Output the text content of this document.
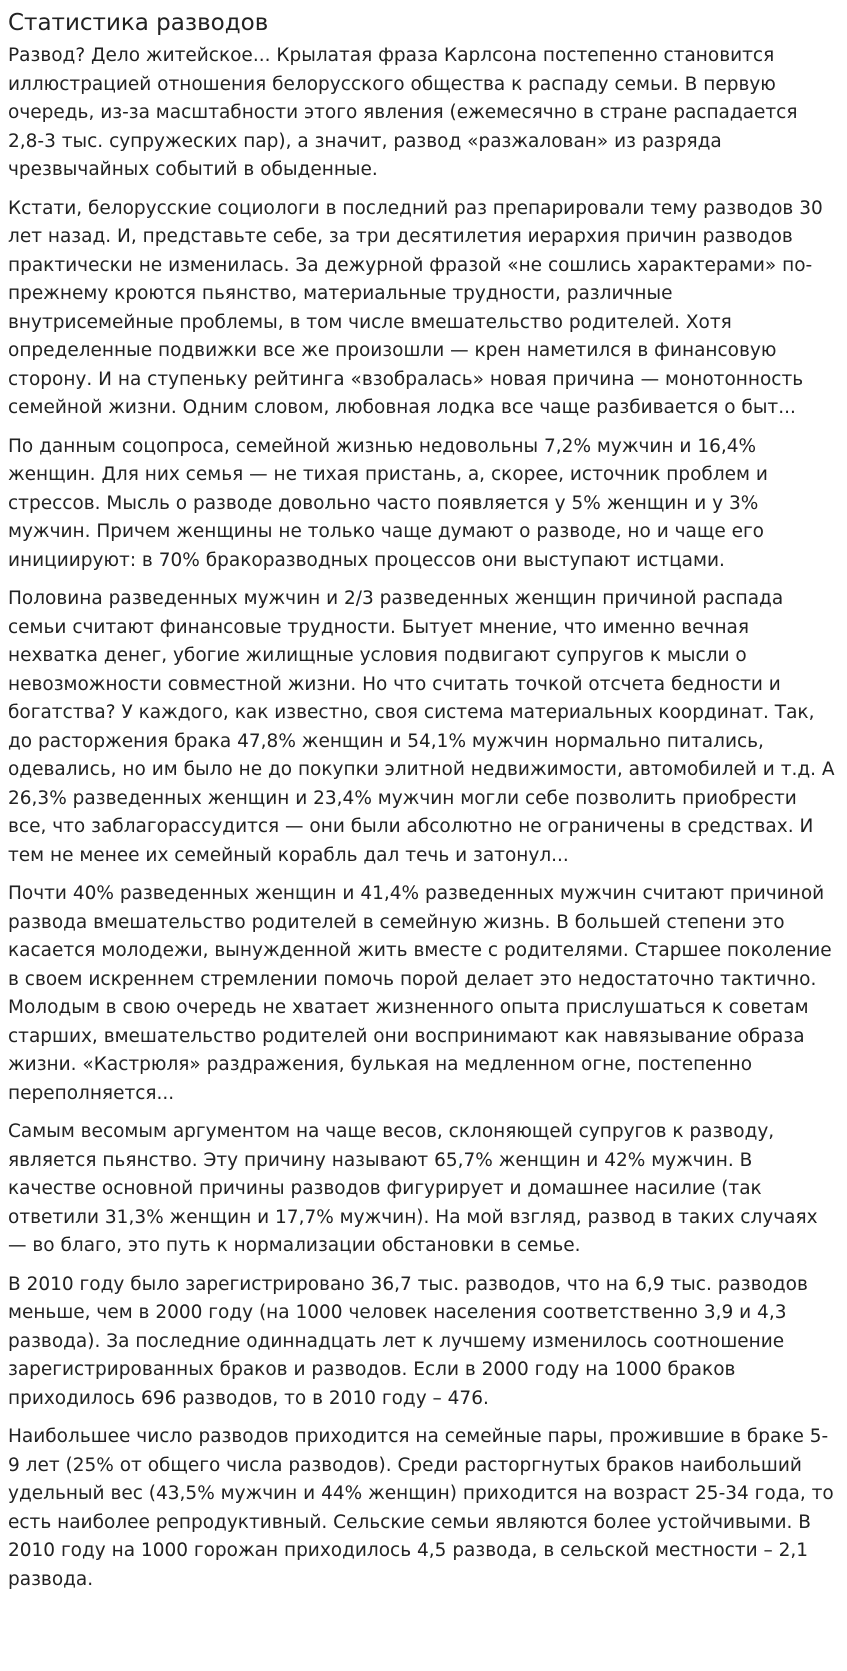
Статистика разводов

Развод? Дело житейское... Крылатая фраза Карлсона постепенно становится иллюстрацией отношения белорусского общества к распаду семьи. В первую очередь, из-за масштабности этого явления (ежемесячно в стране распадается 2,8-3 тыс. супружеских пар), а значит, развод «разжалован» из разряда чрезвычайных событий в обыденные.

Кстати, белорусские социологи в последний раз препарировали тему разводов 30 лет назад. И, представьте себе, за три десятилетия иерархия причин разводов практически не изменилась. За дежурной фразой «не сошлись характерами» по-прежнему кроются пьянство, материальные трудности, различные внутрисемейные проблемы, в том числе вмешательство родителей. Хотя определенные подвижки все же произошли — крен наметился в финансовую сторону. И на ступеньку рейтинга «взобралась» новая причина — монотонность семейной жизни. Одним словом, любовная лодка все чаще разбивается о быт...

По данным соцопроса, семейной жизнью недовольны 7,2% мужчин и 16,4% женщин. Для них семья — не тихая пристань, а, скорее, источник проблем и стрессов. Мысль о разводе довольно часто появляется у 5% женщин и у 3% мужчин. Причем женщины не только чаще думают о разводе, но и чаще его инициируют: в 70% бракоразводных процессов они выступают истцами.

Половина разведенных мужчин и 2/3 разведенных женщин причиной распада семьи считают финансовые трудности. Бытует мнение, что именно вечная нехватка денег, убогие жилищные условия подвигают супругов к мысли о невозможности совместной жизни. Но что считать точкой отсчета бедности и богатства? У каждого, как известно, своя система материальных координат. Так, до расторжения брака 47,8% женщин и 54,1% мужчин нормально питались, одевались, но им было не до покупки элитной недвижимости, автомобилей и т.д. А 26,3% разведенных женщин и 23,4% мужчин могли себе позволить приобрести все, что заблагорассудится — они были абсолютно не ограничены в средствах. И тем не менее их семейный корабль дал течь и затонул...

Почти 40% разведенных женщин и 41,4% разведенных мужчин считают причиной развода вмешательство родителей в семейную жизнь. В большей степени это касается молодежи, вынужденной жить вместе с родителями. Старшее поколение в своем искреннем стремлении помочь порой делает это недостаточно тактично. Молодым в свою очередь не хватает жизненного опыта прислушаться к советам старших, вмешательство родителей они воспринимают как навязывание образа жизни. «Кастрюля» раздражения, булькая на медленном огне, постепенно переполняется...

Самым весомым аргументом на чаще весов, склоняющей супругов к разводу, является пьянство. Эту причину называют 65,7% женщин и 42% мужчин. В качестве основной причины разводов фигурирует и домашнее насилие (так ответили 31,3% женщин и 17,7% мужчин). На мой взгляд, развод в таких случаях — во благо, это путь к нормализации обстановки в семье.

В 2010 году было зарегистрировано 36,7 тыс. разводов, что на 6,9 тыс. разводов меньше, чем в 2000 году (на 1000 человек населения соответственно 3,9 и 4,3 развода). За последние одиннадцать лет к лучшему изменилось соотношение зарегистрированных браков и разводов. Если в 2000 году на 1000 браков приходилось 696 разводов, то в 2010 году – 476.

Наибольшее число разводов приходится на семейные пары, прожившие в браке 5-9 лет (25% от общего числа разводов). Среди расторгнутых браков наибольший удельный вес (43,5% мужчин и 44% женщин) приходится на возраст 25-34 года, то есть наиболее репродуктивный. Сельские семьи являются более устойчивыми. В 2010 году на 1000 горожан приходилось 4,5 развода, в сельской местности – 2,1 развода.
